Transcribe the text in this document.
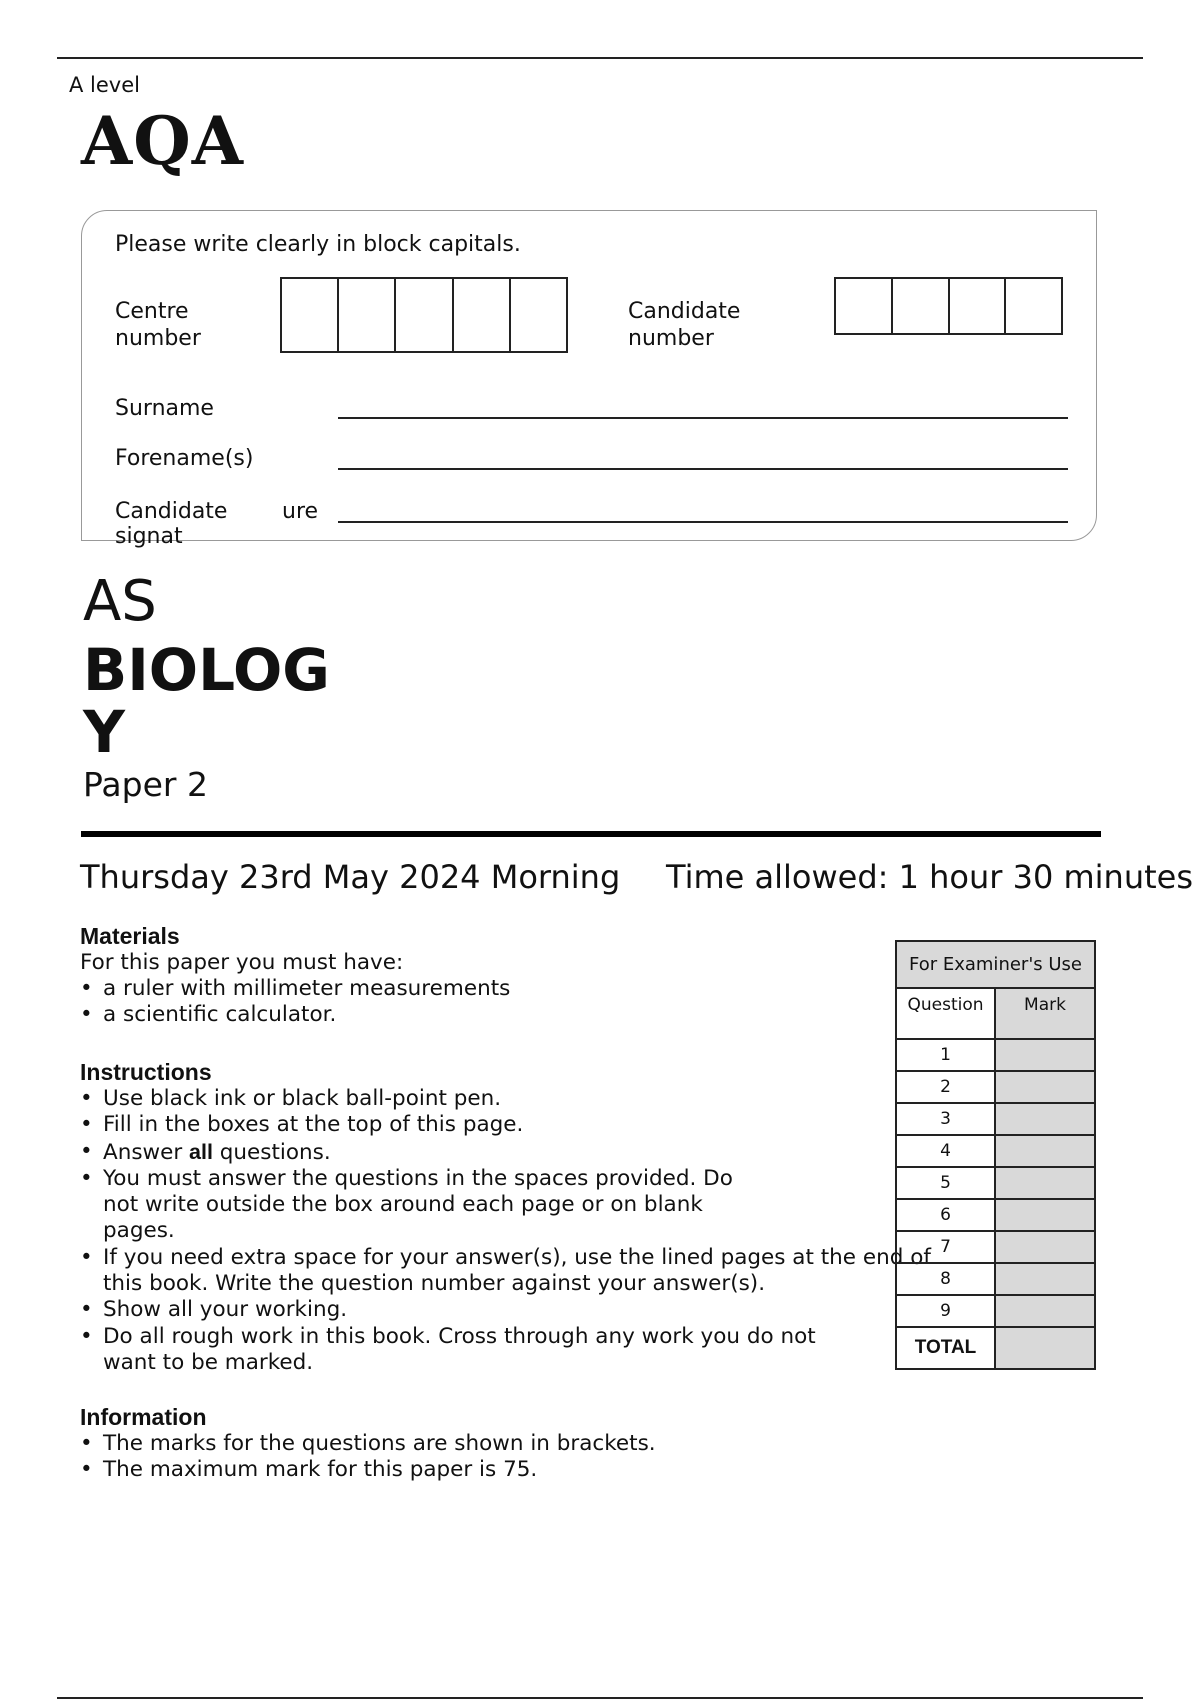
A level
AQA
Please write clearly in block capitals.
Centre
number
Candidate
number
Surname
Forename(s)
Candidate
signat
ure
AS
BIOLOGY
Paper 2
Thursday 23rd May 2024 Morning Time allowed: 1 hour 30 minutes
Materials
For this paper you must have:
• a ruler with millimeter measurements
• a scientific calculator.
Instructions
• Use black ink or black ball-point pen.
• Fill in the boxes at the top of this page.
• Answer all questions.
• You must answer the questions in the spaces provided. Do not write outside the box around each page or on blank pages.
• If you need extra space for your answer(s), use the lined pages at the end of this book. Write the question number against your answer(s).
• Show all your working.
• Do all rough work in this book. Cross through any work you do not want to be marked.
Information
• The marks for the questions are shown in brackets.
• The maximum mark for this paper is 75.
For Examiner's Use
Question	Mark
1
2
3
4
5
6
7
8
9
TOTAL
